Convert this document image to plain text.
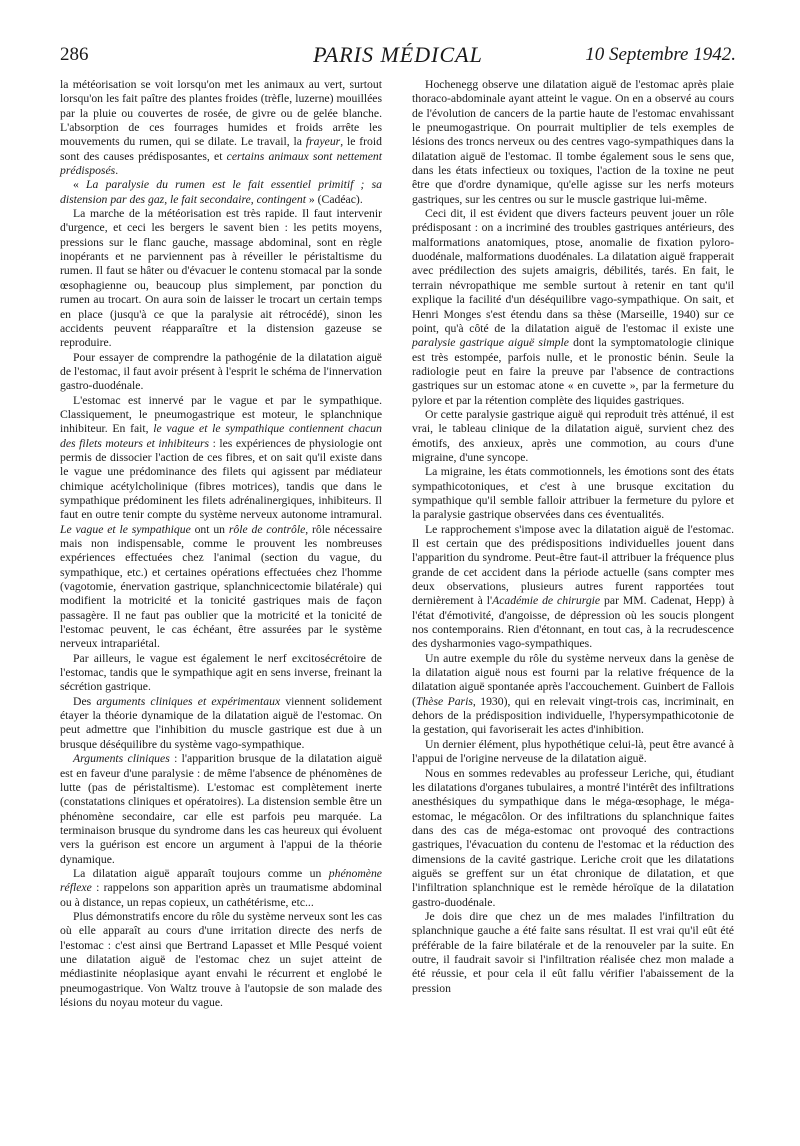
286	PARIS MÉDICAL	10 Septembre 1942.

la météorisation se voit lorsqu'on met les animaux au vert, surtout lorsqu'on les fait paître des plantes froides (trèfle, luzerne) mouillées par la pluie ou couvertes de rosée, de givre ou de gelée blanche. L'absorption de ces fourrages humides et froids arrête les mouvements du rumen, qui se dilate. Le travail, la frayeur, le froid sont des causes prédisposantes, et certains animaux sont nettement prédisposés.

« La paralysie du rumen est le fait essentiel primitif ; sa distension par des gaz, le fait secondaire, contingent » (Cadéac).

La marche de la météorisation est très rapide. Il faut intervenir d'urgence, et ceci les bergers le savent bien : les petits moyens, pressions sur le flanc gauche, massage abdominal, sont en règle inopérants et ne parviennent pas à réveiller le péristaltisme du rumen. Il faut se hâter ou d'évacuer le contenu stomacal par la sonde œsophagienne ou, beaucoup plus simplement, par ponction du rumen au trocart. On aura soin de laisser le trocart un certain temps en place (jusqu'à ce que la paralysie ait rétrocédé), sinon les accidents peuvent réapparaître et la distension gazeuse se reproduire.

Pour essayer de comprendre la pathogénie de la dilatation aiguë de l'estomac, il faut avoir présent à l'esprit le schéma de l'innervation gastro-duodénale.

L'estomac est innervé par le vague et par le sympathique. Classiquement, le pneumogastrique est moteur, le splanchnique inhibiteur. En fait, le vague et le sympathique contiennent chacun des filets moteurs et inhibiteurs : les expériences de physiologie ont permis de dissocier l'action de ces fibres, et on sait qu'il existe dans le vague une prédominance des filets qui agissent par médiateur chimique acétylcholinique (fibres motrices), tandis que dans le sympathique prédominent les filets adrénalinergiques, inhibiteurs. Il faut en outre tenir compte du système nerveux autonome intramural. Le vague et le sympathique ont un rôle de contrôle, rôle nécessaire mais non indispensable, comme le prouvent les nombreuses expériences effectuées chez l'animal (section du vague, du sympathique, etc.) et certaines opérations effectuées chez l'homme (vagotomie, énervation gastrique, splanchnicectomie bilatérale) qui modifient la motricité et la tonicité gastriques mais de façon passagère. Il ne faut pas oublier que la motricité et la tonicité de l'estomac peuvent, le cas échéant, être assurées par le système nerveux intrapariétal.

Par ailleurs, le vague est également le nerf excitosécrétoire de l'estomac, tandis que le sympathique agit en sens inverse, freinant la sécrétion gastrique.

Des arguments cliniques et expérimentaux viennent solidement étayer la théorie dynamique de la dilatation aiguë de l'estomac. On peut admettre que l'inhibition du muscle gastrique est due à un brusque déséquilibre du système vago-sympathique.

Arguments cliniques : l'apparition brusque de la dilatation aiguë est en faveur d'une paralysie : de même l'absence de phénomènes de lutte (pas de péristaltisme). L'estomac est complètement inerte (constatations cliniques et opératoires). La distension semble être un phénomène secondaire, car elle est parfois peu marquée. La terminaison brusque du syndrome dans les cas heureux qui évoluent vers la guérison est encore un argument à l'appui de la théorie dynamique.

La dilatation aiguë apparaît toujours comme un phénomène réflexe : rappelons son apparition après un traumatisme abdominal ou à distance, un repas copieux, un cathétérisme, etc...

Plus démonstratifs encore du rôle du système nerveux sont les cas où elle apparaît au cours d'une irritation directe des nerfs de l'estomac : c'est ainsi que Bertrand Lapasset et Mlle Pesqué voient une dilatation aiguë de l'estomac chez un sujet atteint de médiastinite néoplasique ayant envahi le récurrent et englobé le pneumogastrique. Von Waltz trouve à l'autopsie de son malade des lésions du noyau moteur du vague.

Hochenegg observe une dilatation aiguë de l'estomac après plaie thoraco-abdominale ayant atteint le vague. On en a observé au cours de l'évolution de cancers de la partie haute de l'estomac envahissant le pneumogastrique. On pourrait multiplier de tels exemples de lésions des troncs nerveux ou des centres vago-sympathiques dans la dilatation aiguë de l'estomac. Il tombe également sous le sens que, dans les états infectieux ou toxiques, l'action de la toxine ne peut être que d'ordre dynamique, qu'elle agisse sur les nerfs moteurs gastriques, sur les centres ou sur le muscle gastrique lui-même.

Ceci dit, il est évident que divers facteurs peuvent jouer un rôle prédisposant : on a incriminé des troubles gastriques antérieurs, des malformations anatomiques, ptose, anomalie de fixation pyloro-duodénale, malformations duodénales. La dilatation aiguë frapperait avec prédilection des sujets amaigris, débilités, tarés. En fait, le terrain névropathique me semble surtout à retenir en tant qu'il explique la facilité d'un déséquilibre vago-sympathique. On sait, et Henri Monges s'est étendu dans sa thèse (Marseille, 1940) sur ce point, qu'à côté de la dilatation aiguë de l'estomac il existe une paralysie gastrique aiguë simple dont la symptomatologie clinique est très estompée, parfois nulle, et le pronostic bénin. Seule la radiologie peut en faire la preuve par l'absence de contractions gastriques sur un estomac atone « en cuvette », par la fermeture du pylore et par la rétention complète des liquides gastriques.

Or cette paralysie gastrique aiguë qui reproduit très atténué, il est vrai, le tableau clinique de la dilatation aiguë, survient chez des émotifs, des anxieux, après une commotion, au cours d'une migraine, d'une syncope.

La migraine, les états commotionnels, les émotions sont des états sympathicotoniques, et c'est à une brusque excitation du sympathique qu'il semble falloir attribuer la fermeture du pylore et la paralysie gastrique observées dans ces éventualités.

Le rapprochement s'impose avec la dilatation aiguë de l'estomac. Il est certain que des prédispositions individuelles jouent dans l'apparition du syndrome. Peut-être faut-il attribuer la fréquence plus grande de cet accident dans la période actuelle (sans compter mes deux observations, plusieurs autres furent rapportées tout dernièrement à l'Académie de chirurgie par MM. Cadenat, Hepp) à l'état d'émotivité, d'angoisse, de dépression où les soucis plongent nos contemporains. Rien d'étonnant, en tout cas, à la recrudescence des dysharmonies vago-sympathiques.

Un autre exemple du rôle du système nerveux dans la genèse de la dilatation aiguë nous est fourni par la relative fréquence de la dilatation aiguë spontanée après l'accouchement. Guinbert de Fallois (Thèse Paris, 1930), qui en relevait vingt-trois cas, incriminait, en dehors de la prédisposition individuelle, l'hypersympathicotonie de la gestation, qui favoriserait les actes d'inhibition.

Un dernier élément, plus hypothétique celui-là, peut être avancé à l'appui de l'origine nerveuse de la dilatation aiguë.

Nous en sommes redevables au professeur Leriche, qui, étudiant les dilatations d'organes tubulaires, a montré l'intérêt des infiltrations anesthésiques du sympathique dans le méga-œsophage, le méga-estomac, le mégacôlon. Or des infiltrations du splanchnique faites dans des cas de méga-estomac ont provoqué des contractions gastriques, l'évacuation du contenu de l'estomac et la réduction des dimensions de la cavité gastrique. Leriche croit que les dilatations aiguës se greffent sur un état chronique de dilatation, et que l'infiltration splanchnique est le remède héroïque de la dilatation gastro-duodénale.

Je dois dire que chez un de mes malades l'infiltration du splanchnique gauche a été faite sans résultat. Il est vrai qu'il eût été préférable de la faire bilatérale et de la renouveler par la suite. En outre, il faudrait savoir si l'infiltration réalisée chez mon malade a été réussie, et pour cela il eût fallu vérifier l'abaissement de la pression
